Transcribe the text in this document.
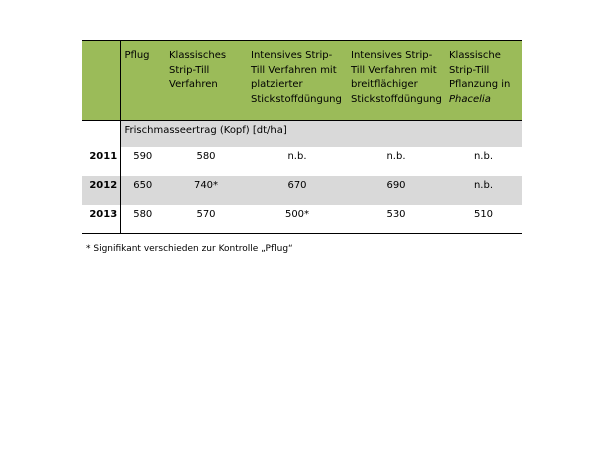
	Pflug	Klassisches Strip-Till Verfahren	Intensives Strip-Till Verfahren mit platzierter Stickstoffdüngung	Intensives Strip-Till Verfahren mit breitflächiger Stickstoffdüngung	Klassische Strip-Till Pflanzung in Phacelia
	Frischmasseertrag (Kopf) [dt/ha]				
2011	590	580	n.b.	n.b.	n.b.
2012	650	740*	670	690	n.b.
2013	580	570	500*	530	510
* Signifikant verschieden zur Kontrolle „Pflug“
